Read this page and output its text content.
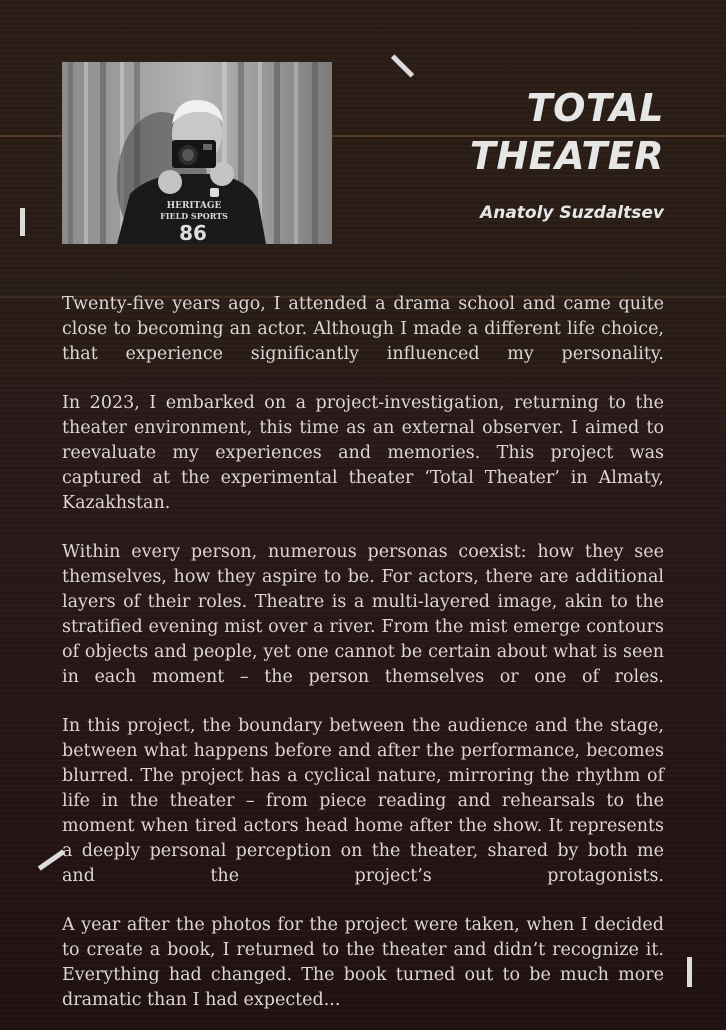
HERITAGE
FIELD SPORTS
86
TOTAL
THEATER

Anatoly Suzdaltsev

Twenty-five years ago, I attended a drama school and came quite close to becoming an actor. Although I made a different life choice, that experience significantly influenced my personality.

In 2023, I embarked on a project-investigation, returning to the theater environment, this time as an external observer. I aimed to reevaluate my experiences and memories. This project was captured at the experimental theater ‘Total Theater’ in Almaty, Kazakhstan.

Within every person, numerous personas coexist: how they see themselves, how they aspire to be. For actors, there are additional layers of their roles. Theatre is a multi-layered image, akin to the stratified evening mist over a river. From the mist emerge contours of objects and people, yet one cannot be certain about what is seen in each moment – the person themselves or one of roles.

In this project, the boundary between the audience and the stage, between what happens before and after the performance, becomes blurred. The project has a cyclical nature, mirroring the rhythm of life in the theater – from piece reading and rehearsals to the moment when tired actors head home after the show. It represents a deeply personal perception on the theater, shared by both me and the project’s protagonists.

A year after the photos for the project were taken, when I decided to create a book, I returned to the theater and didn’t recognize it. Everything had changed. The book turned out to be much more dramatic than I had expected...
